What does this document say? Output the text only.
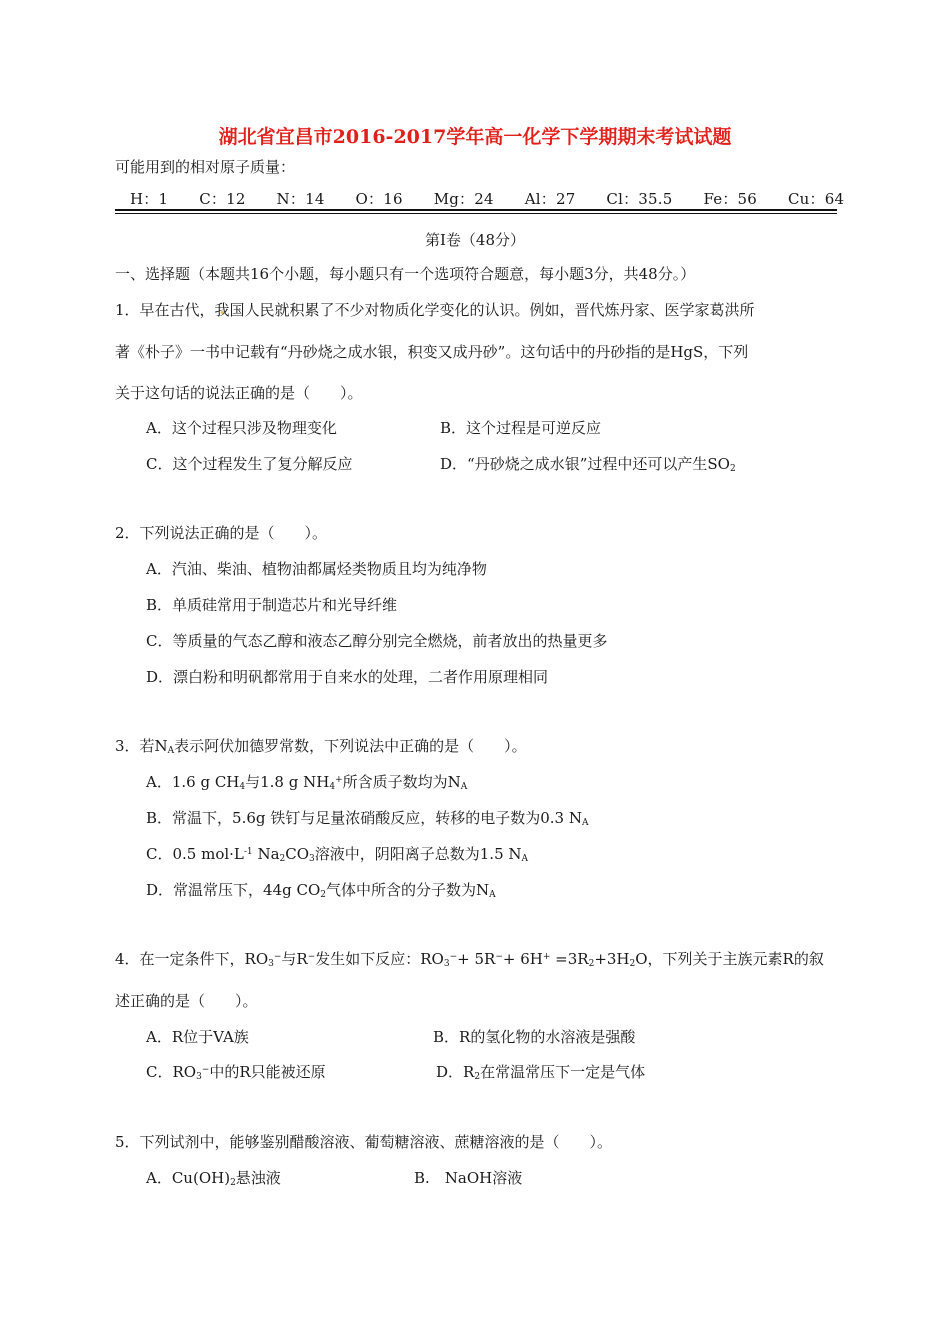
湖北省宜昌市2016-2017学年高一化学下学期期末考试试题
可能用到的相对原子质量：
H：1 C：12 N：14 O：16 Mg：24 Al：27 Cl：35.5 Fe：56 Cu：64
第I卷（48分）
一、选择题（本题共16个小题，每小题只有一个选项符合题意，每小题3分，共48分。）
1．早在古代，我国人民就积累了不少对物质化学变化的认识。例如，晋代炼丹家、医学家葛洪所
著《朴子》一书中记载有“丹砂烧之成水银，积变又成丹砂”。这句话中的丹砂指的是HgS，下列
关于这句话的说法正确的是（　　）。
A．这个过程只涉及物理变化	B．这个过程是可逆反应
C．这个过程发生了复分解反应	D．“丹砂烧之成水银”过程中还可以产生$SO_2$
2．下列说法正确的是（　　）。
A．汽油、柴油、植物油都属烃类物质且均为纯净物
B．单质硅常用于制造芯片和光导纤维
C．等质量的气态乙醇和液态乙醇分别完全燃烧，前者放出的热量更多
D．漂白粉和明矾都常用于自来水的处理，二者作用原理相同
3．若$N_A$表示阿伏加德罗常数，下列说法中正确的是（　　）。
A．1.6 g $CH_4$与1.8 g $NH_4^+$所含质子数均为$N_A$
B．常温下，5.6g 铁钉与足量浓硝酸反应，转移的电子数为0.3 $N_A$
C．0.5 $mol\cdot L^{-1}$ $Na_2CO_3$溶液中，阴阳离子总数为1.5 $N_A$
D．常温常压下，44g $CO_2$气体中所含的分子数为$N_A$
4．在一定条件下，$RO_3^-$与R−发生如下反应：$RO_3^-+ 5R^-+ 6H^+ =3R_2+3H_2O$，下列关于主族元素R的叙
述正确的是（　　）。
A．R位于VA族	B．R的氢化物的水溶液是强酸
C．$RO_3^-$中的R只能被还原	D．$R_2$在常温常压下一定是气体
5．下列试剂中，能够鉴别醋酸溶液、葡萄糖溶液、蔗糖溶液的是（　　）。
A．$Cu(OH)_2$悬浊液	B.　NaOH溶液
